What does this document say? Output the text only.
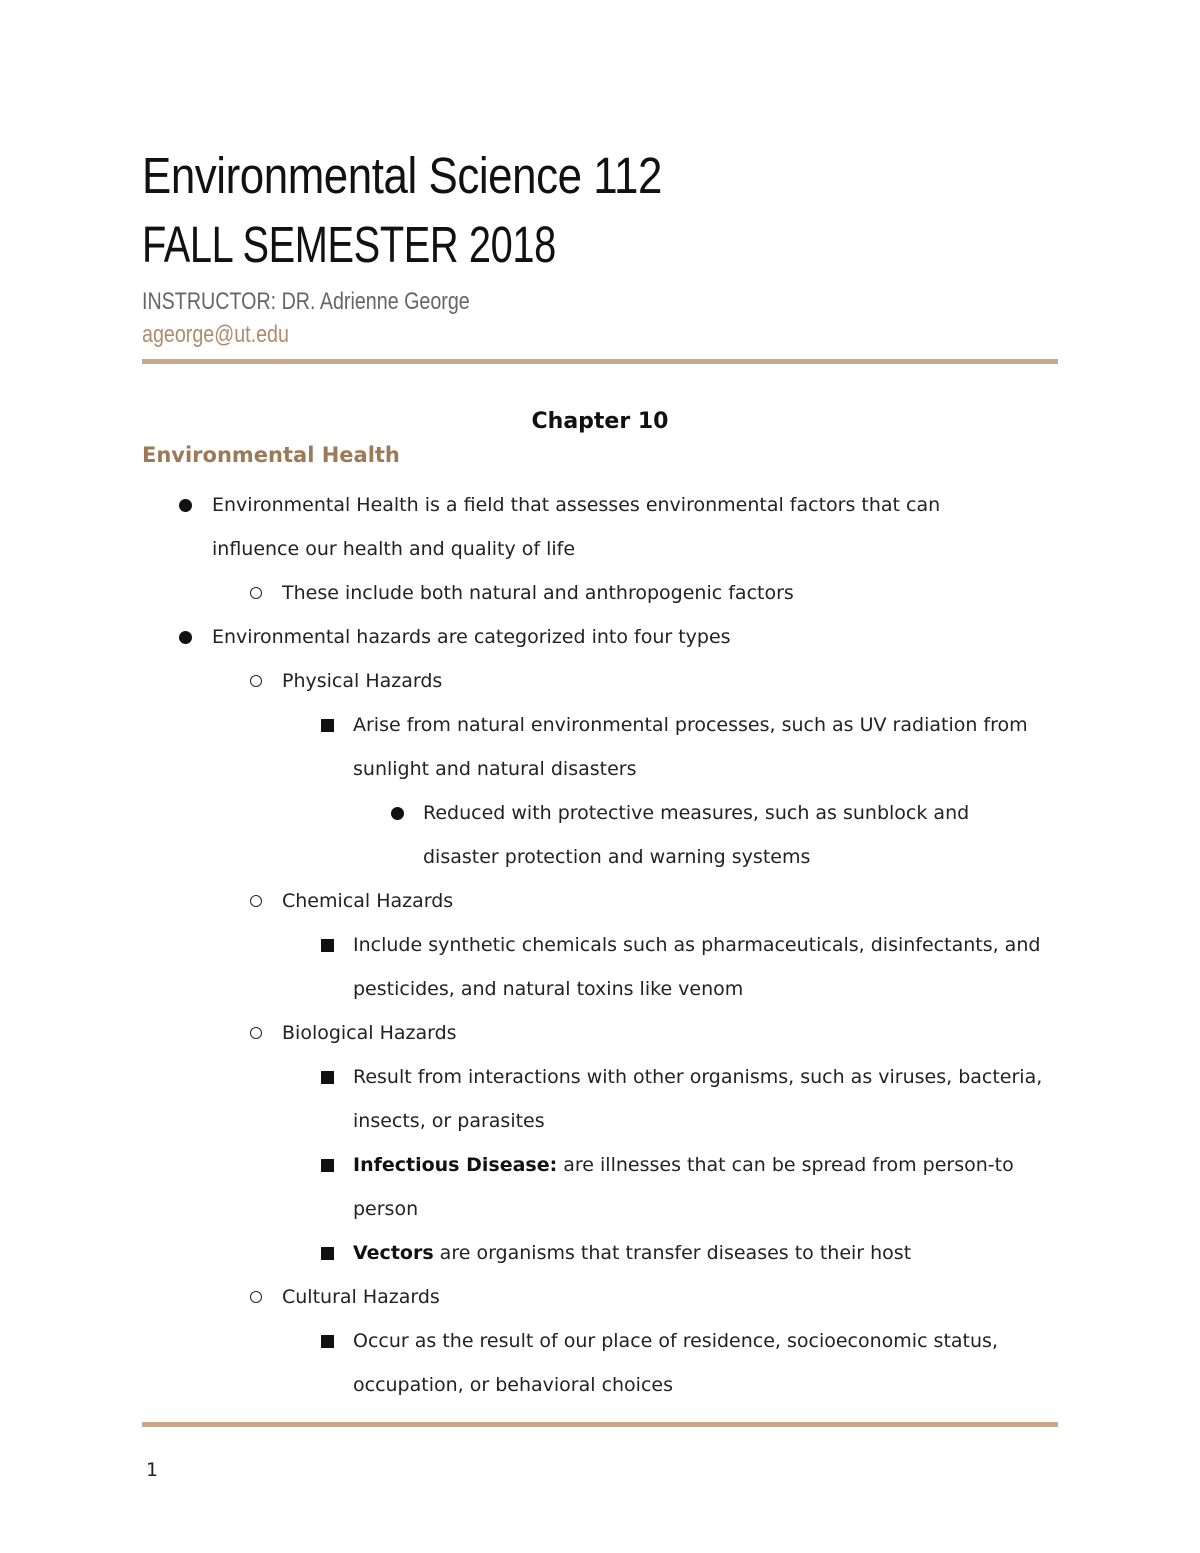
Environmental Science 112
FALL SEMESTER 2018
INSTRUCTOR: DR. Adrienne George
ageorge@ut.edu
Chapter 10
Environmental Health
Environmental Health is a field that assesses environmental factors that can influence our health and quality of life
These include both natural and anthropogenic factors
Environmental hazards are categorized into four types
Physical Hazards
Arise from natural environmental processes, such as UV radiation from sunlight and natural disasters
Reduced with protective measures, such as sunblock and disaster protection and warning systems
Chemical Hazards
Include synthetic chemicals such as pharmaceuticals, disinfectants, and pesticides, and natural toxins like venom
Biological Hazards
Result from interactions with other organisms, such as viruses, bacteria, insects, or parasites
Infectious Disease: are illnesses that can be spread from person-to person
Vectors are organisms that transfer diseases to their host
Cultural Hazards
Occur as the result of our place of residence, socioeconomic status, occupation, or behavioral choices
1
